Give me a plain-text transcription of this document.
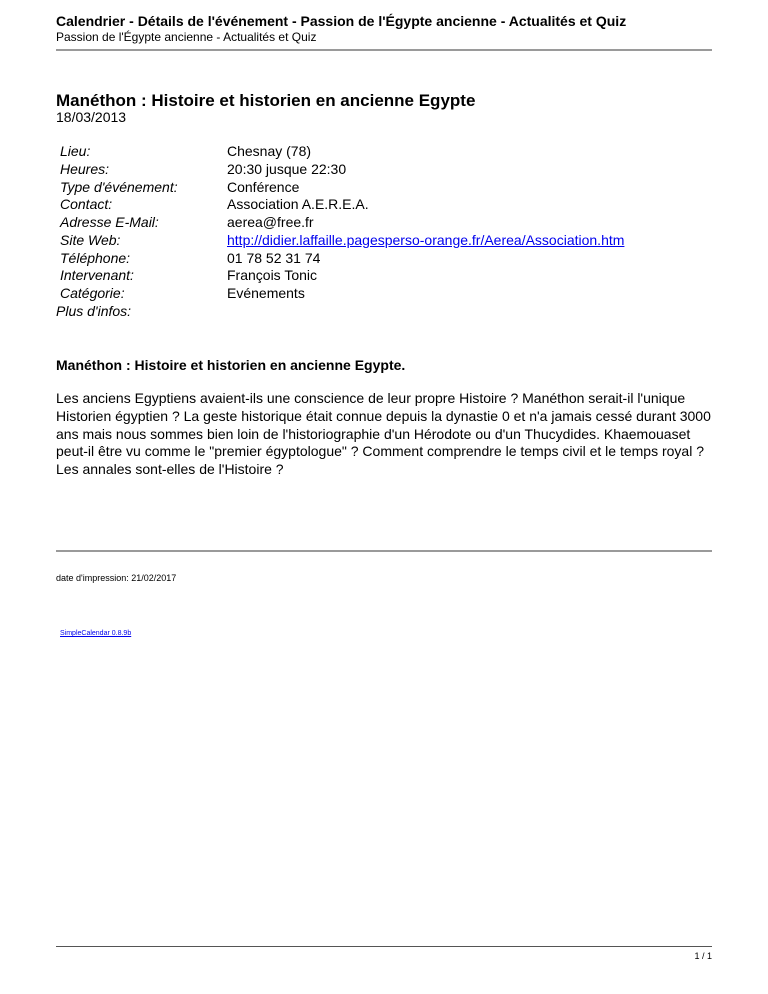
Calendrier - Détails de l'événement - Passion de l'Égypte ancienne - Actualités et Quiz
Passion de l'Égypte ancienne - Actualités et Quiz
Manéthon : Histoire et historien en ancienne Egypte
18/03/2013
Lieu:	Chesnay (78)
Heures:	20:30 jusque 22:30
Type d'événement:	Conférence
Contact:	Association A.E.R.E.A.
Adresse E-Mail:	aerea@free.fr
Site Web:	http://didier.laffaille.pagesperso-orange.fr/Aerea/Association.htm
Téléphone:	01 78 52 31 74
Intervenant:	François Tonic
Catégorie:	Evénements
Plus d'infos:
Manéthon : Histoire et historien en ancienne Egypte.
Les anciens Egyptiens avaient-ils une conscience de leur propre Histoire ? Manéthon serait-il l'unique Historien égyptien ? La geste historique était connue depuis la dynastie 0 et n'a jamais cessé durant 3000 ans mais nous sommes bien loin de l'historiographie d'un Hérodote ou d'un Thucydides. Khaemouaset peut-il être vu comme le "premier égyptologue" ? Comment comprendre le temps civil et le temps royal ? Les annales sont-elles de l'Histoire ?
date d'impression: 21/02/2017
SimpleCalendar 0.8.9b
1 / 1
